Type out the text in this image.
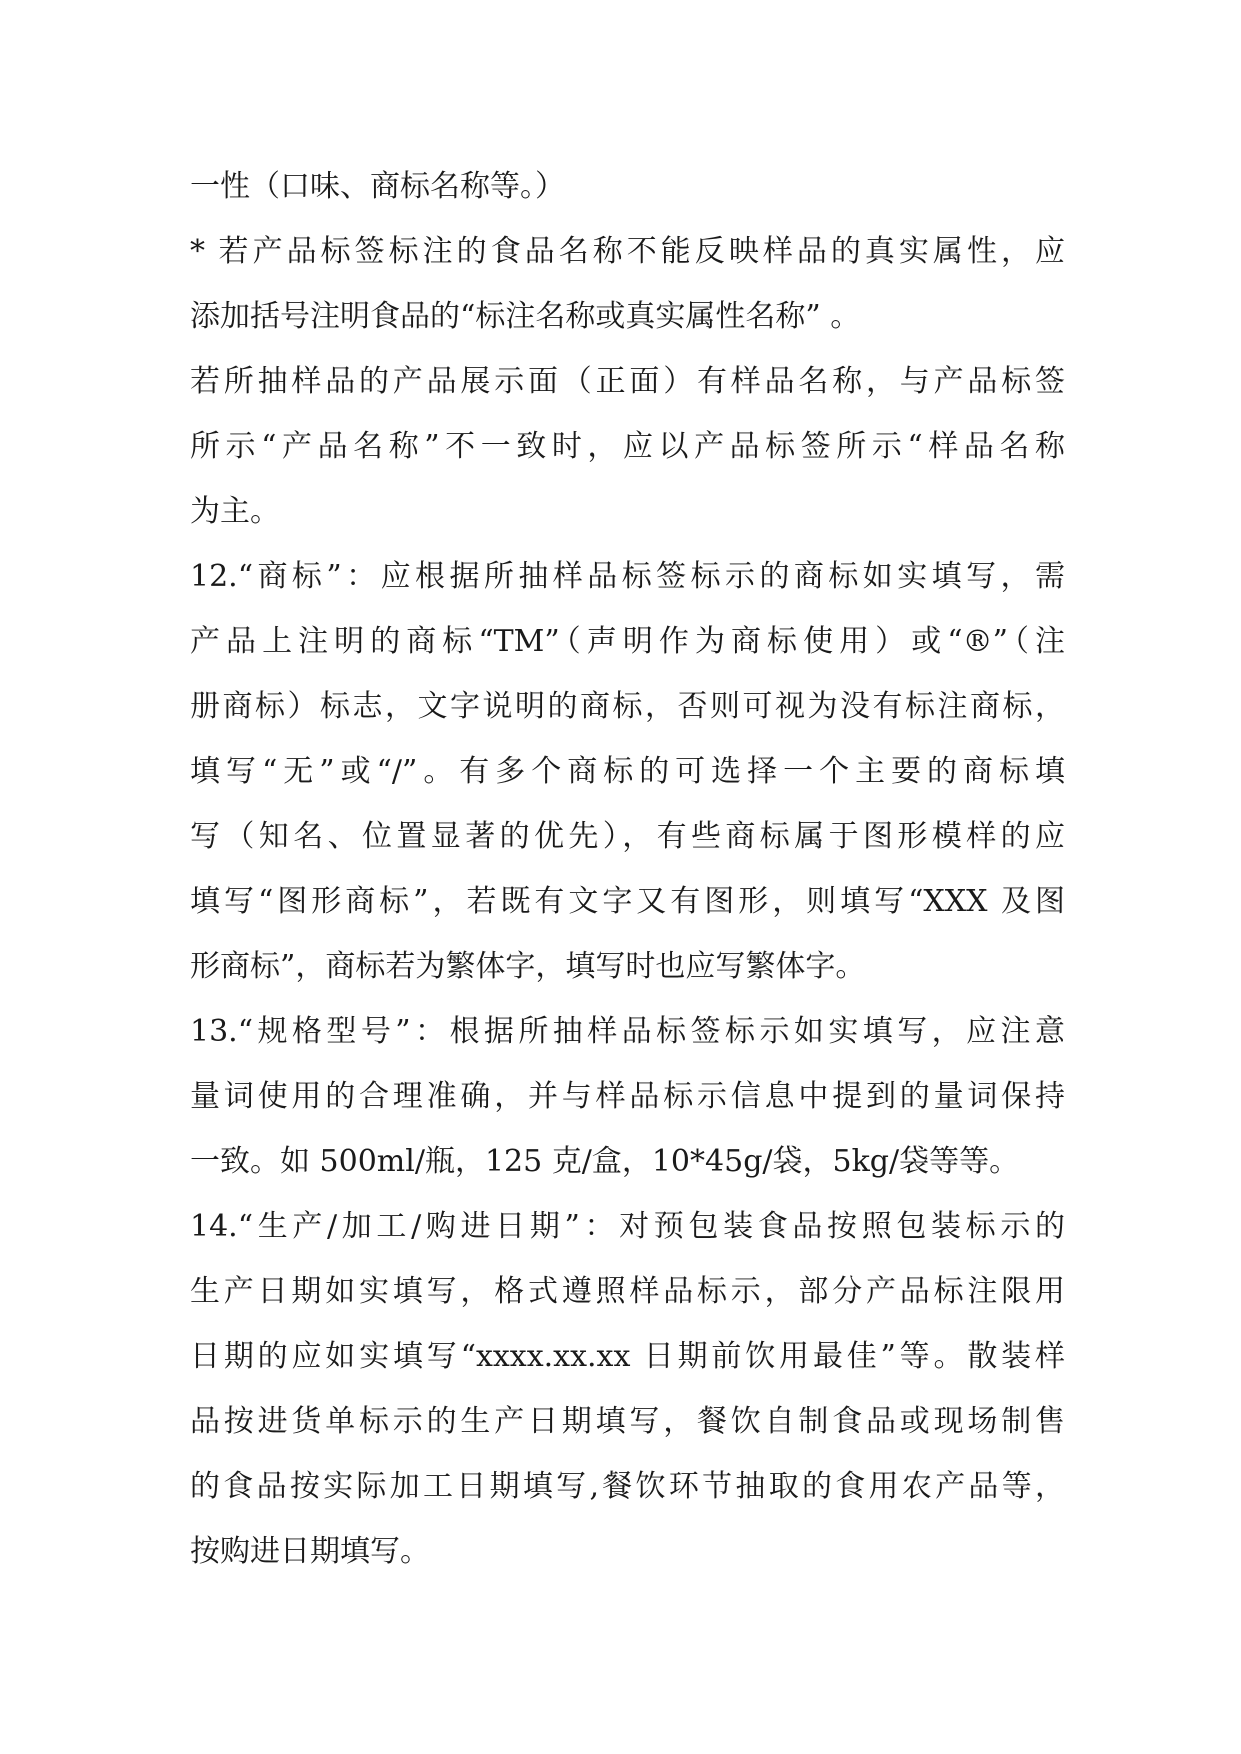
一性（口味、商标名称等。）
* 若产品标签标注的食品名称不能反映样品的真实属性，应
添加括号注明食品的“标注名称或真实属性名称” 。
若所抽样品的产品展示面（正面）有样品名称，与产品标签
所示“产品名称”不一致时，应以产品标签所示“样品名称
为主。
12.“商标”：应根据所抽样品标签标示的商标如实填写，需
产品上注明的商标“TM”（声明作为商标使用）或“®”（注
册商标）标志，文字说明的商标，否则可视为没有标注商标，
填写“无”或“/”。有多个商标的可选择一个主要的商标填
写（知名、位置显著的优先），有些商标属于图形模样的应
填写“图形商标”，若既有文字又有图形，则填写“XXX 及图
形商标”，商标若为繁体字，填写时也应写繁体字。
13.“规格型号”：根据所抽样品标签标示如实填写，应注意
量词使用的合理准确，并与样品标示信息中提到的量词保持
一致。如 500ml/瓶，125 克/盒，10*45g/袋，5kg/袋等等。
14.“生产/加工/购进日期”：对预包装食品按照包装标示的
生产日期如实填写，格式遵照样品标示，部分产品标注限用
日期的应如实填写“xxxx.xx.xx 日期前饮用最佳”等。散装样
品按进货单标示的生产日期填写，餐饮自制食品或现场制售
的食品按实际加工日期填写,餐饮环节抽取的食用农产品等，
按购进日期填写。
